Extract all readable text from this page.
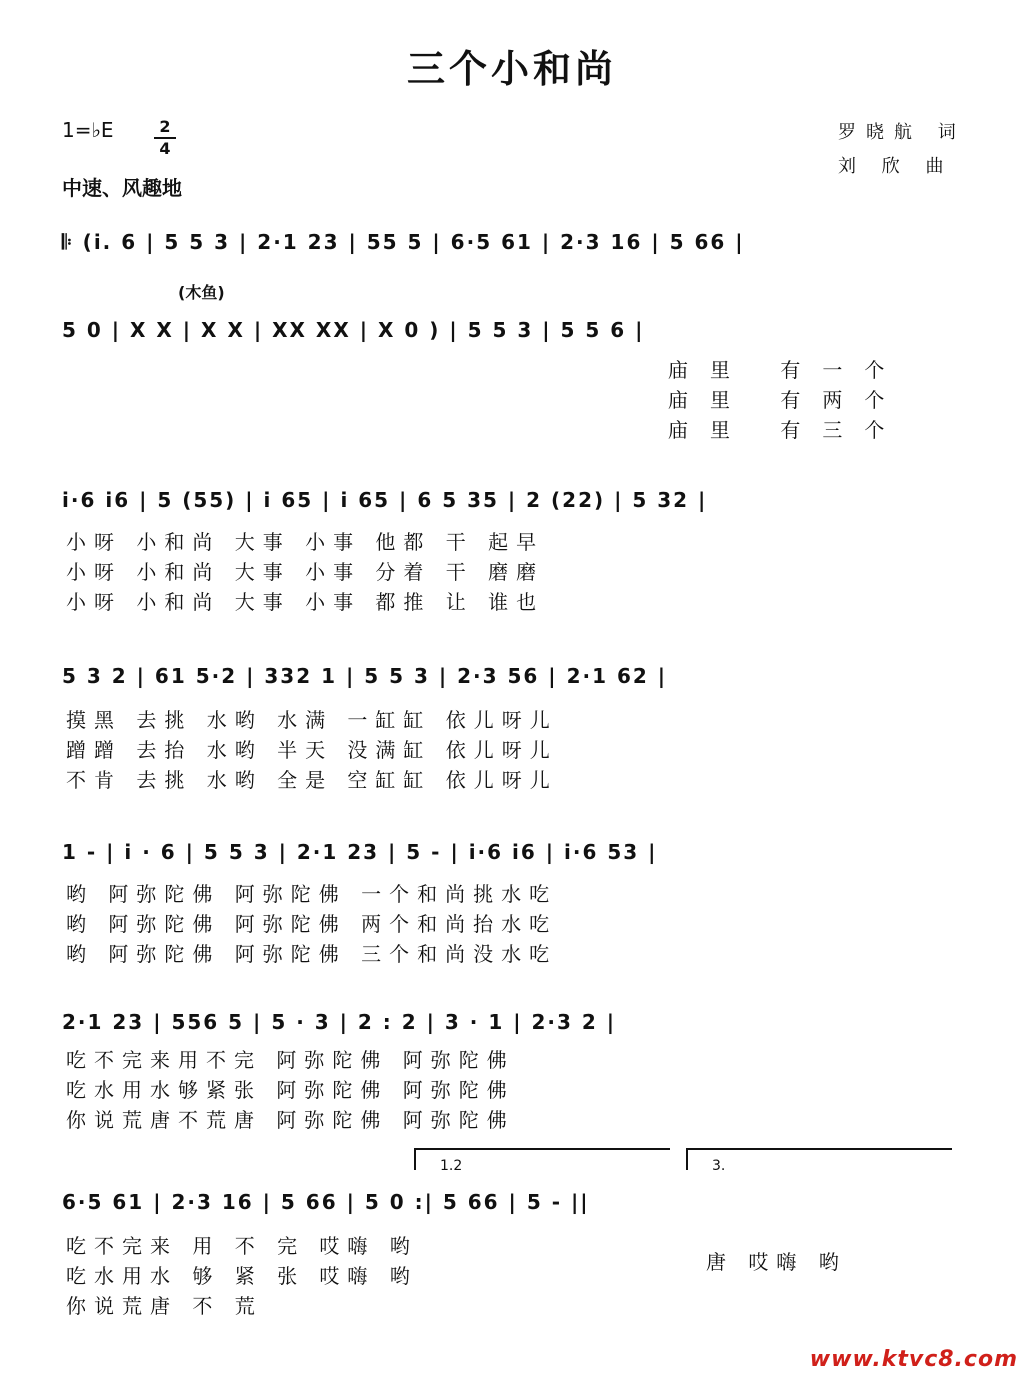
三个小和尚
1=♭E	2
4
中速、风趣地
罗晓航 词
刘 欣 曲
𝄆 (i. 6 | 5 5 3 | 2·1 23 | 55 5 | 6·5 61 | 2·3 16 | 5 66 |
(木鱼)
5 0 | X X | X X | XX XX | X 0 ) | 5 5 3 | 5 5 6 |
庙里 有一个
庙里 有两个
庙里 有三个
i·6 i6 | 5 (55) | i 65 | i 65 | 6 5 35 | 2 (22) | 5 32 |
小呀 小和尚 大事 小事 他都 干 起早
小呀 小和尚 大事 小事 分着 干 磨磨
小呀 小和尚 大事 小事 都推 让 谁也
5 3 2 | 61 5·2 | 332 1 | 5 5 3 | 2·3 56 | 2·1 62 |
摸黑 去挑 水哟 水满 一缸缸 依儿呀儿
蹭蹭 去抬 水哟 半天 没满缸 依儿呀儿
不肯 去挑 水哟 全是 空缸缸 依儿呀儿
1 - | i · 6 | 5 5 3 | 2·1 23 | 5 - | i·6 i6 | i·6 53 |
哟 阿弥陀佛 阿弥陀佛 一个和尚挑水吃
哟 阿弥陀佛 阿弥陀佛 两个和尚抬水吃
哟 阿弥陀佛 阿弥陀佛 三个和尚没水吃
2·1 23 | 556 5 | 5 · 3 | 2 : 2 | 3 · 1 | 2·3 2 |
吃不完来用不完 阿弥陀佛 阿弥陀佛
吃水用水够紧张 阿弥陀佛 阿弥陀佛
你说荒唐不荒唐 阿弥陀佛 阿弥陀佛
1.2	3.
6·5 61 | 2·3 16 | 5 66 | 5 0 :| 5 66 | 5 - ||
吃不完来 用 不 完 哎嗨 哟
吃水用水 够 紧 张 哎嗨 哟
你说荒唐 不 荒
唐 哎嗨 哟
www.ktvc8.com
